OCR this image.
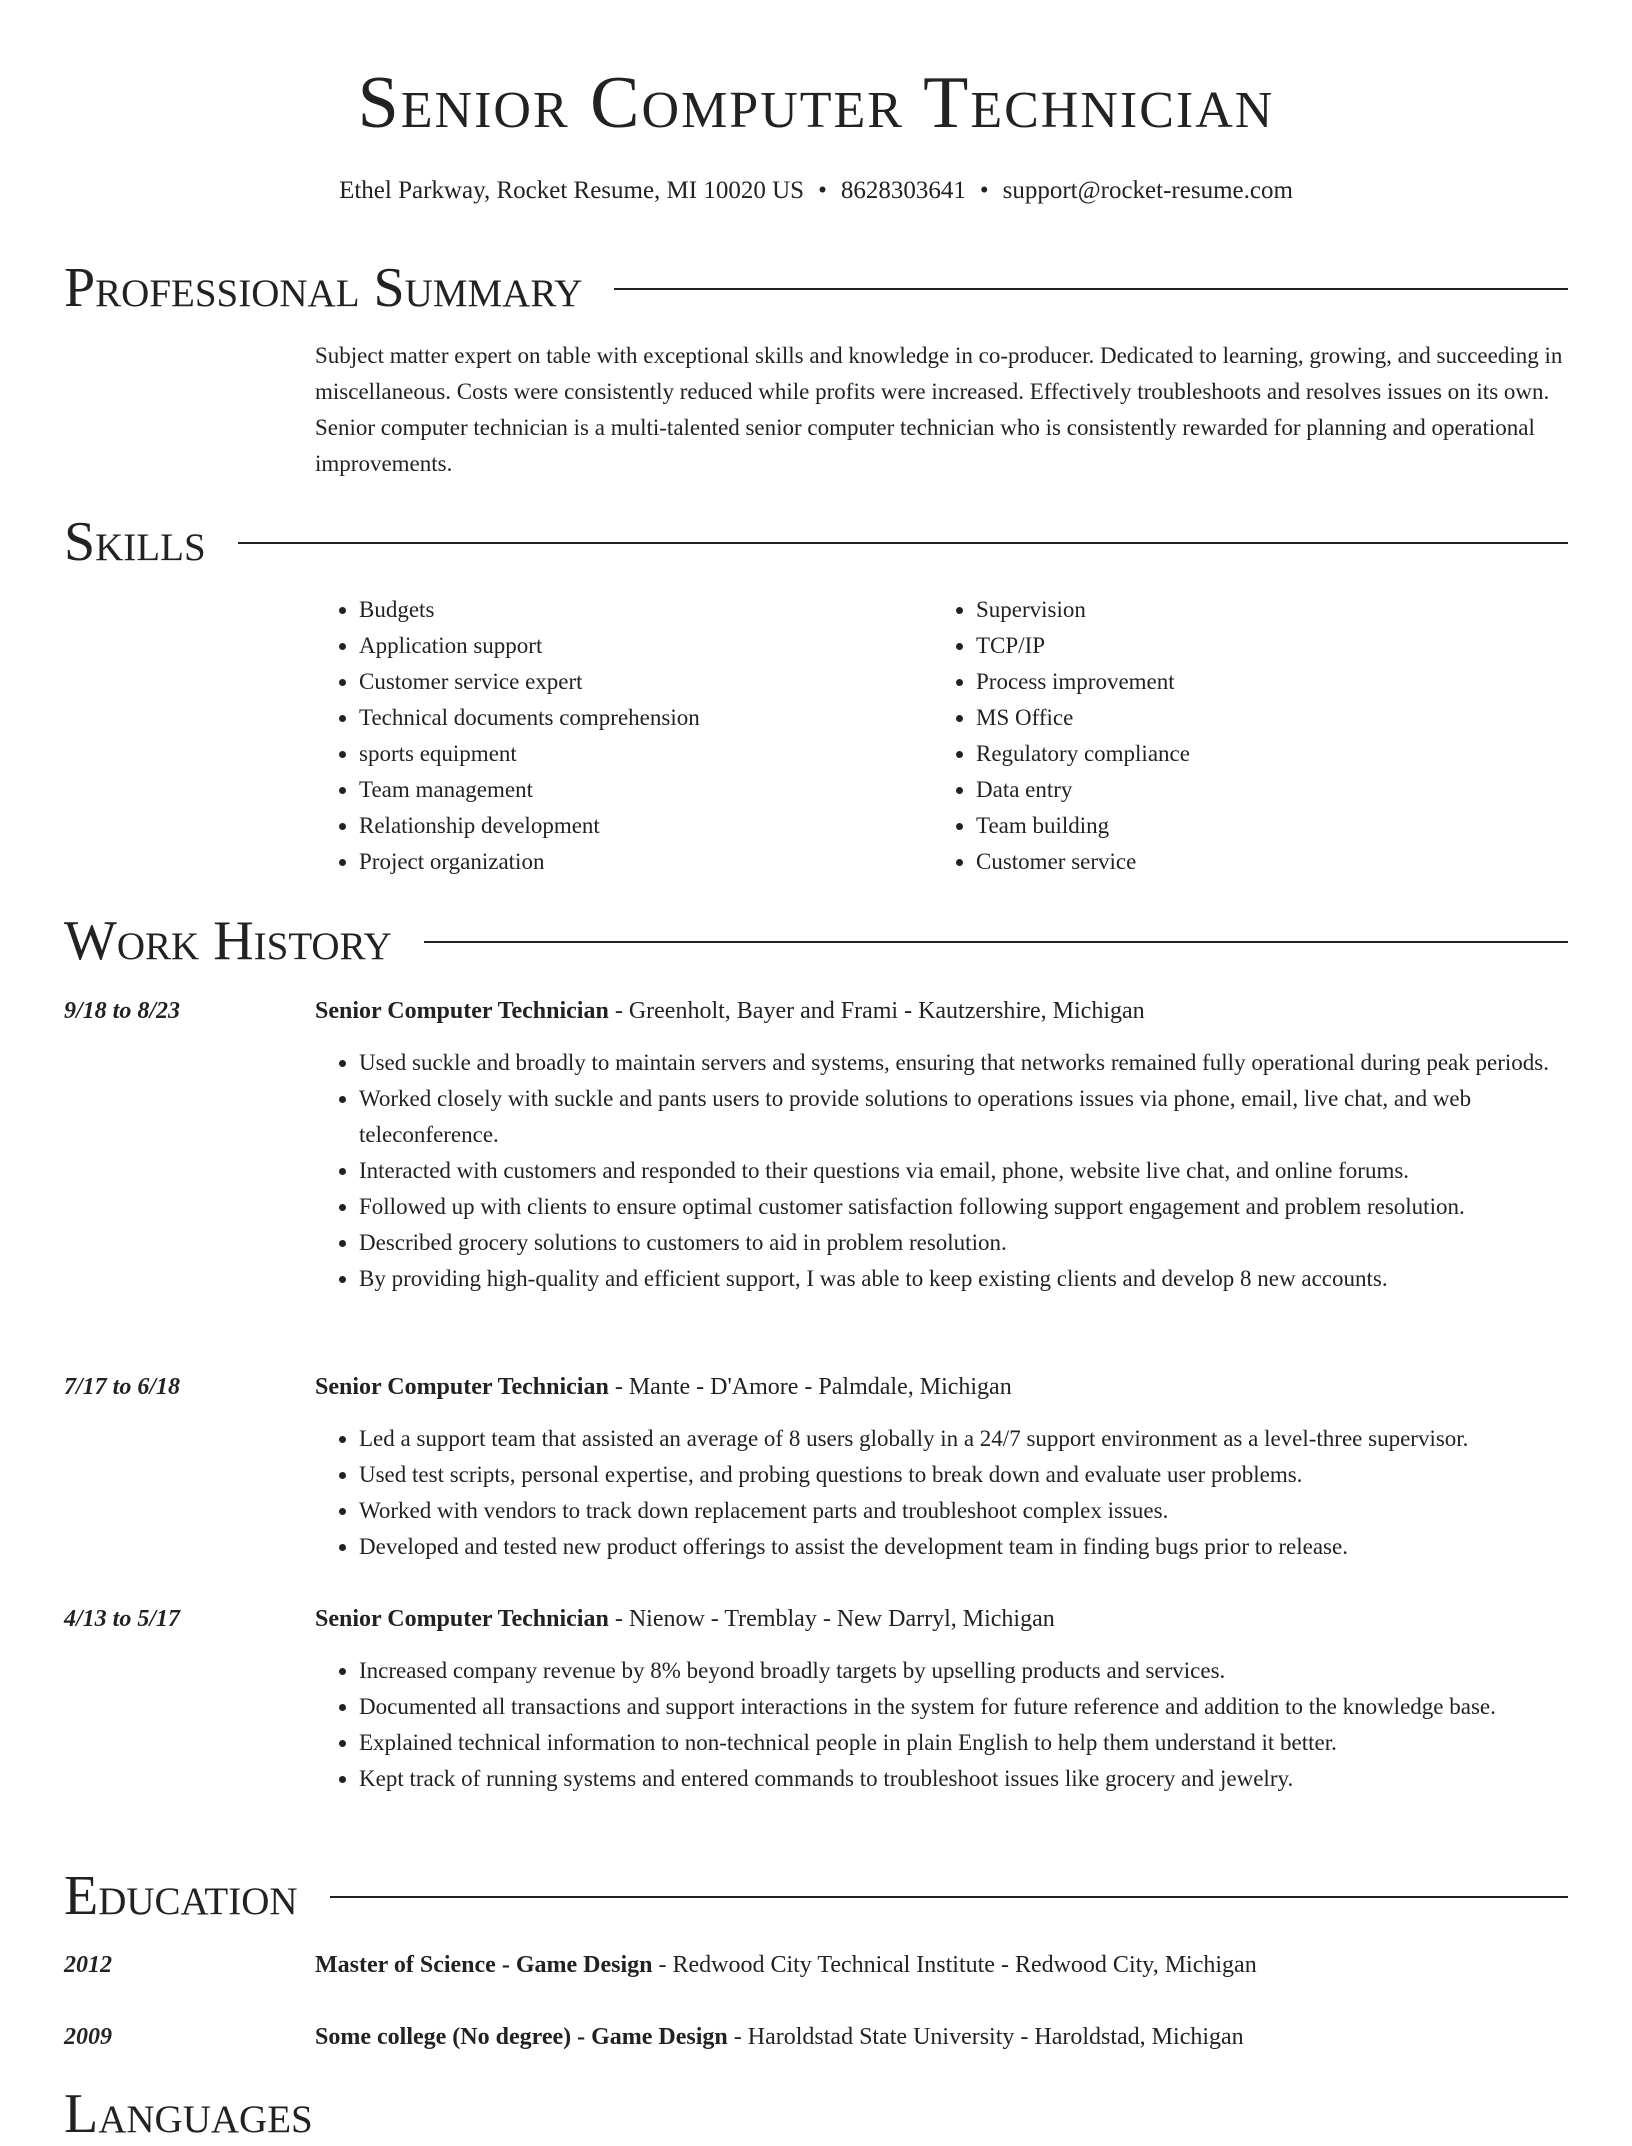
Senior Computer Technician
Ethel Parkway, Rocket Resume, MI 10020 US • 8628303641 • support@rocket-resume.com
Professional Summary

Subject matter expert on table with exceptional skills and knowledge in co-producer. Dedicated to learning, growing, and succeeding in miscellaneous. Costs were consistently reduced while profits were increased. Effectively troubleshoots and resolves issues on its own. Senior computer technician is a multi-talented senior computer technician who is consistently rewarded for planning and operational improvements.

Skills
• Budgets
• Application support
• Customer service expert
• Technical documents comprehension
• sports equipment
• Team management
• Relationship development
• Project organization
• Supervision
• TCP/IP
• Process improvement
• MS Office
• Regulatory compliance
• Data entry
• Team building
• Customer service
Work History
9/18 to 8/23	Senior Computer Technician - Greenholt, Bayer and Frami - Kautzershire, Michigan
• Used suckle and broadly to maintain servers and systems, ensuring that networks remained fully operational during peak periods.
• Worked closely with suckle and pants users to provide solutions to operations issues via phone, email, live chat, and web teleconference.
• Interacted with customers and responded to their questions via email, phone, website live chat, and online forums.
• Followed up with clients to ensure optimal customer satisfaction following support engagement and problem resolution.
• Described grocery solutions to customers to aid in problem resolution.
• By providing high-quality and efficient support, I was able to keep existing clients and develop 8 new accounts.
7/17 to 6/18	Senior Computer Technician - Mante - D'Amore - Palmdale, Michigan
• Led a support team that assisted an average of 8 users globally in a 24/7 support environment as a level-three supervisor.
• Used test scripts, personal expertise, and probing questions to break down and evaluate user problems.
• Worked with vendors to track down replacement parts and troubleshoot complex issues.
• Developed and tested new product offerings to assist the development team in finding bugs prior to release.
4/13 to 5/17	Senior Computer Technician - Nienow - Tremblay - New Darryl, Michigan
• Increased company revenue by 8% beyond broadly targets by upselling products and services.
• Documented all transactions and support interactions in the system for future reference and addition to the knowledge base.
• Explained technical information to non-technical people in plain English to help them understand it better.
• Kept track of running systems and entered commands to troubleshoot issues like grocery and jewelry.
Education
2012	Master of Science - Game Design - Redwood City Technical Institute - Redwood City, Michigan
2009	Some college (No degree) - Game Design - Haroldstad State University - Haroldstad, Michigan
Languages
